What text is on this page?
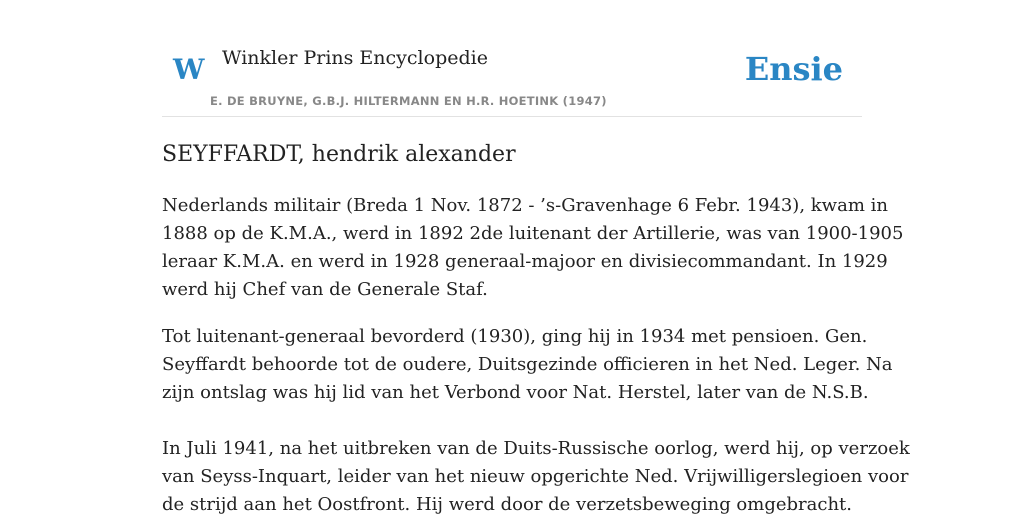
W Winkler Prins Encyclopedie
E. DE BRUYNE, G.B.J. HILTERMANN EN H.R. HOETINK (1947)
Ensie
SEYFFARDT, hendrik alexander

Nederlands militair (Breda 1 Nov. 1872 - ’s-Gravenhage 6 Febr. 1943), kwam in
1888 op de K.M.A., werd in 1892 2de luitenant der Artillerie, was van 1900-1905
leraar K.M.A. en werd in 1928 generaal-majoor en divisiecommandant. In 1929
werd hij Chef van de Generale Staf.

Tot luitenant-generaal bevorderd (1930), ging hij in 1934 met pensioen. Gen.
Seyffardt behoorde tot de oudere, Duitsgezinde officieren in het Ned. Leger. Na
zijn ontslag was hij lid van het Verbond voor Nat. Herstel, later van de N.S.B.

In Juli 1941, na het uitbreken van de Duits-Russische oorlog, werd hij, op verzoek
van Seyss-Inquart, leider van het nieuw opgerichte Ned. Vrijwilligerslegioen voor
de strijd aan het Oostfront. Hij werd door de verzetsbeweging omgebracht.
